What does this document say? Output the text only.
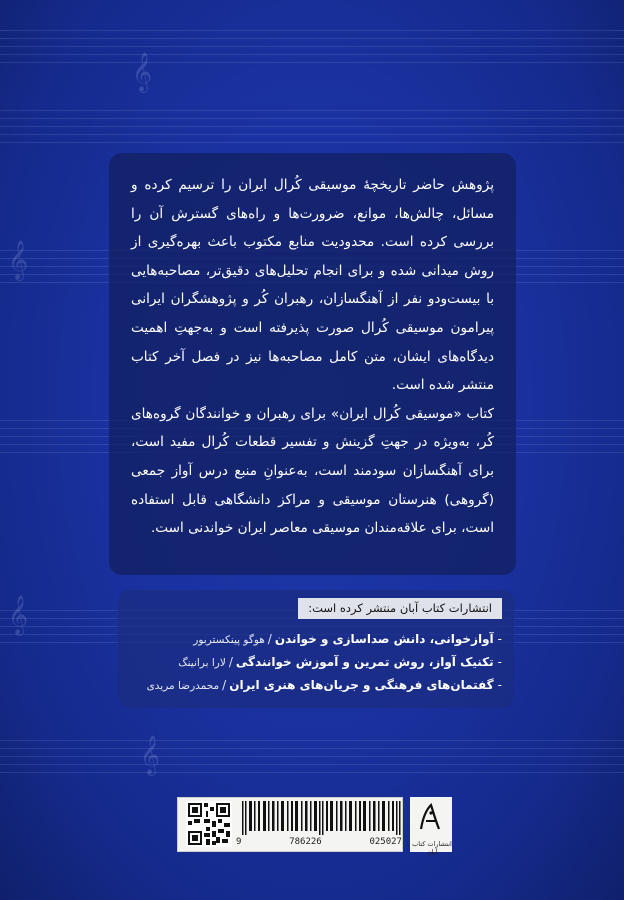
𝄞
𝄞
𝄞
𝄞

پژوهش حاضر تاریخچهٔ موسیقی کُرال ایران را ترسیم کرده و مسائل، چالش‌ها، موانع، ضرورت‌ها و راه‌های گسترش آن را بررسی کرده است. محدودیت منابع مکتوب باعث بهره‌گیری از روش میدانی شده و برای انجام تحلیل‌های دقیق‌تر، مصاحبه‌هایی با بیست‌ودو نفر از آهنگسازان، رهبران کُر و پژوهشگران ایرانی پیرامون موسیقی کُرال صورت پذیرفته است و به‌جهتِ اهمیت دیدگاه‌های ایشان، متن کامل مصاحبه‌ها نیز در فصل آخر کتاب منتشر شده است.

کتاب «موسیقی کُرال ایران» برای رهبران و خوانندگان گروه‌های کُر، به‌ویژه در جهتِ گزینش و تفسیر قطعات کُرال مفید است، برای آهنگسازان سودمند است، به‌عنوانِ منبع درس آواز جمعی (گروهی) هنرستان موسیقی و مراکز دانشگاهی قابل استفاده است، برای علاقه‌مندان موسیقی معاصر ایران خواندنی است.

انتشارات کتاب آبان منتشر کرده است:
-آوازخوانی، دانش صداسازی و خواندن/هوگو پینکستربور
-تکنیک آواز، روش تمرین و آموزش خوانندگی/لارا برانینگ
-گفتمان‌های فرهنگی و جریان‌های هنری ایران/محمدرضا مریدی
9	786226	025027 انتشارات کتاب آبان
